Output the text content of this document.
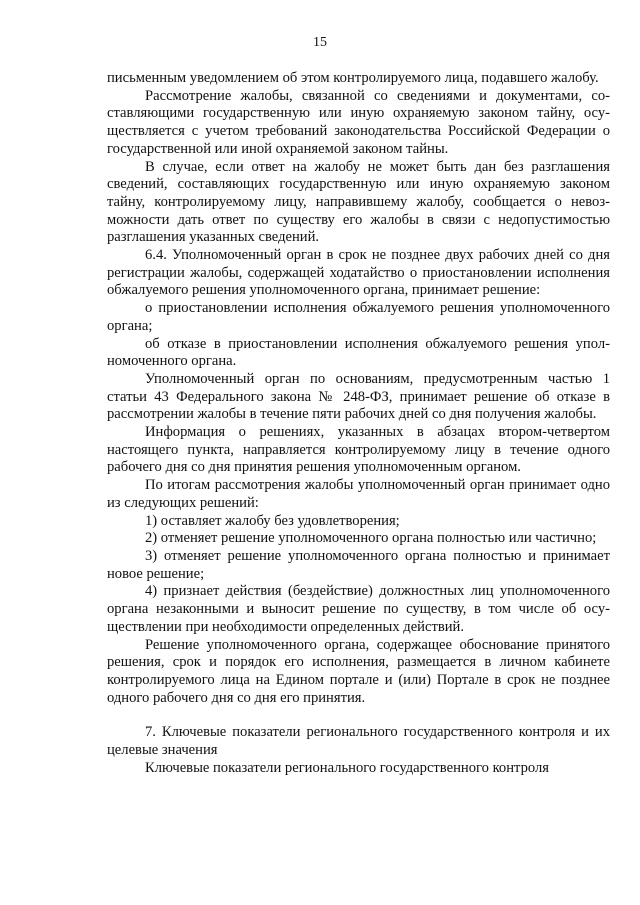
15

письменным уведомлением об этом контролируемого лица, подавшего жалобу.

Рассмотрение жалобы, связанной со сведениями и документами, составляющими государственную или иную охраняемую законом тайну, осуществляется с учетом требований законодательства Российской Федерации о государственной или иной охраняемой законом тайны.

В случае, если ответ на жалобу не может быть дан без разглашения сведений, составляющих государственную или иную охраняемую законом тайну, контролируемому лицу, направившему жалобу, сообщается о невозможности дать ответ по существу его жалобы в связи с недопустимостью разглашения указанных сведений.

6.4. Уполномоченный орган в срок не позднее двух рабочих дней со дня регистрации жалобы, содержащей ходатайство о приостановлении исполнения обжалуемого решения уполномоченного органа, принимает решение:

о приостановлении исполнения обжалуемого решения уполномоченного органа;

об отказе в приостановлении исполнения обжалуемого решения уполномоченного органа.

Уполномоченный орган по основаниям, предусмотренным частью 1 статьи 43 Федерального закона № 248-ФЗ, принимает решение об отказе в рассмотрении жалобы в течение пяти рабочих дней со дня получения жалобы.

Информация о решениях, указанных в абзацах втором-четвертом настоящего пункта, направляется контролируемому лицу в течение одного рабочего дня со дня принятия решения уполномоченным органом.

По итогам рассмотрения жалобы уполномоченный орган принимает одно из следующих решений:

1) оставляет жалобу без удовлетворения;

2) отменяет решение уполномоченного органа полностью или частично;

3) отменяет решение уполномоченного органа полностью и принимает новое решение;

4) признает действия (бездействие) должностных лиц уполномоченного органа незаконными и выносит решение по существу, в том числе об осуществлении при необходимости определенных действий.

Решение уполномоченного органа, содержащее обоснование принятого решения, срок и порядок его исполнения, размещается в личном кабинете контролируемого лица на Едином портале и (или) Портале в срок не позднее одного рабочего дня со дня его принятия.

7. Ключевые показатели регионального государственного контроля и их целевые значения

Ключевые показатели регионального государственного контроля
